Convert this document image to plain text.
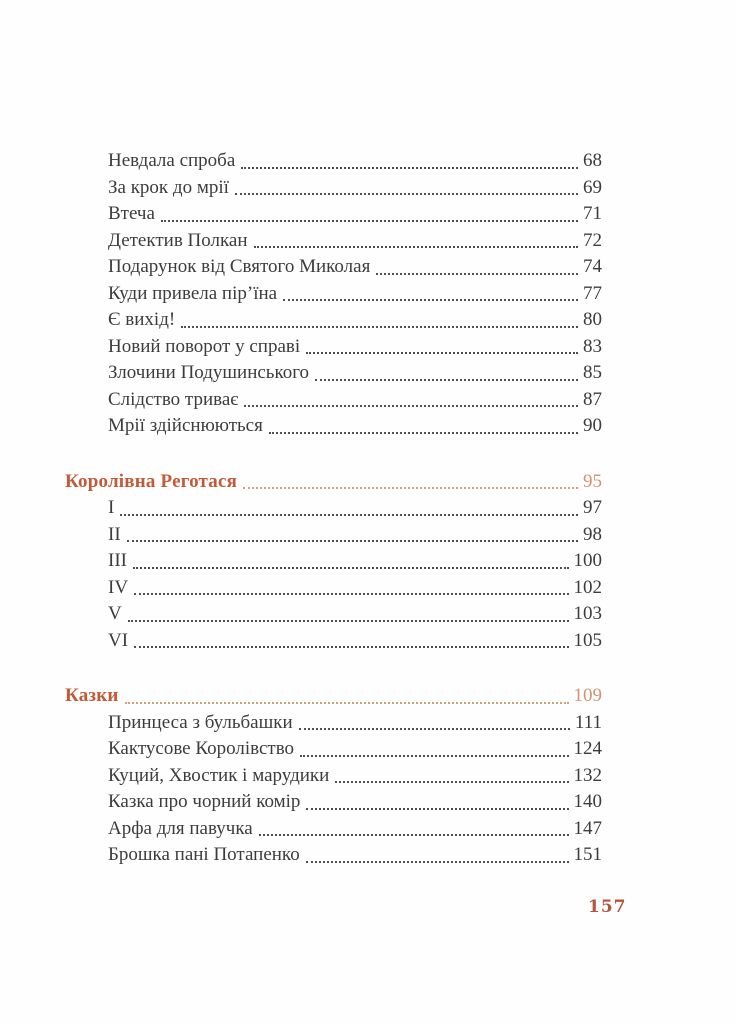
Невдала спроба	68
За крок до мрії	69
Втеча	71
Детектив Полкан	72
Подарунок від Святого Миколая	74
Куди привела пір’їна	77
Є вихід!	80
Новий поворот у справі	83
Злочини Подушинського	85
Слідство триває	87
Мрії здійснюються	90
Королівна Реготася	95
I	97
II	98
III	100
IV	102
V	103
VI	105
Казки	109
Принцеса з бульбашки	111
Кактусове Королівство	124
Куций, Хвостик і марудики	132
Казка про чорний комір	140
Арфа для павучка	147
Брошка пані Потапенко	151
157
